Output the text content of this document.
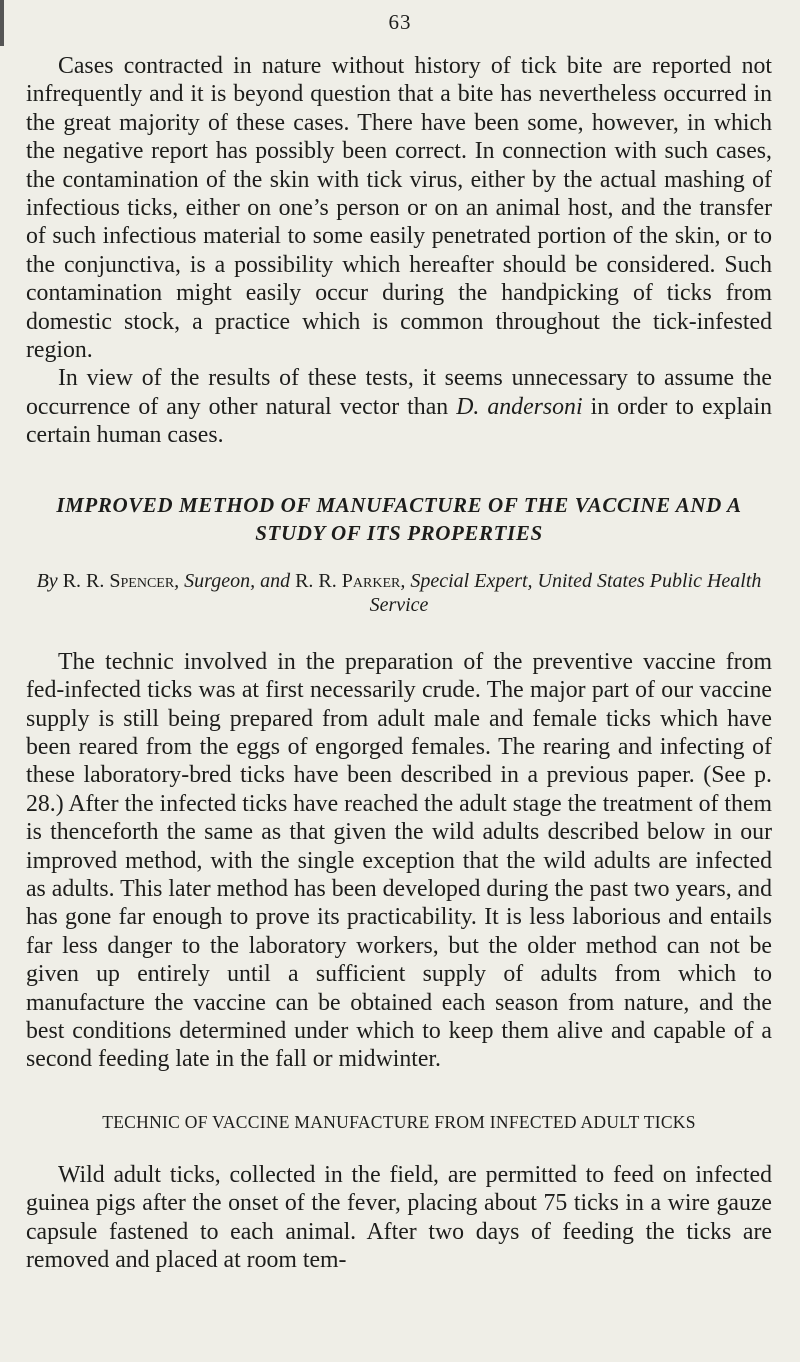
63

Cases contracted in nature without history of tick bite are reported not infrequently and it is beyond question that a bite has nevertheless occurred in the great majority of these cases. There have been some, however, in which the negative report has possibly been correct. In connection with such cases, the contamination of the skin with tick virus, either by the actual mashing of infectious ticks, either on one’s person or on an animal host, and the transfer of such infectious material to some easily penetrated portion of the skin, or to the conjunctiva, is a possibility which hereafter should be considered. Such contamination might easily occur during the handpicking of ticks from domestic stock, a practice which is common throughout the tick-infested region.

In view of the results of these tests, it seems unnecessary to assume the occurrence of any other natural vector than D. andersoni in order to explain certain human cases.

IMPROVED METHOD OF MANUFACTURE OF THE VACCINE AND A STUDY OF ITS PROPERTIES
By R. R. Spencer, Surgeon, and R. R. Parker, Special Expert, United States Public Health Service

The technic involved in the preparation of the preventive vaccine from fed-infected ticks was at first necessarily crude. The major part of our vaccine supply is still being prepared from adult male and female ticks which have been reared from the eggs of engorged females. The rearing and infecting of these laboratory-bred ticks have been described in a previous paper. (See p. 28.) After the infected ticks have reached the adult stage the treatment of them is thenceforth the same as that given the wild adults described below in our improved method, with the single exception that the wild adults are infected as adults. This later method has been developed during the past two years, and has gone far enough to prove its practicability. It is less laborious and entails far less danger to the laboratory workers, but the older method can not be given up entirely until a sufficient supply of adults from which to manufacture the vaccine can be obtained each season from nature, and the best conditions determined under which to keep them alive and capable of a second feeding late in the fall or midwinter.

TECHNIC OF VACCINE MANUFACTURE FROM INFECTED ADULT TICKS

Wild adult ticks, collected in the field, are permitted to feed on infected guinea pigs after the onset of the fever, placing about 75 ticks in a wire gauze capsule fastened to each animal. After two days of feeding the ticks are removed and placed at room tem-
